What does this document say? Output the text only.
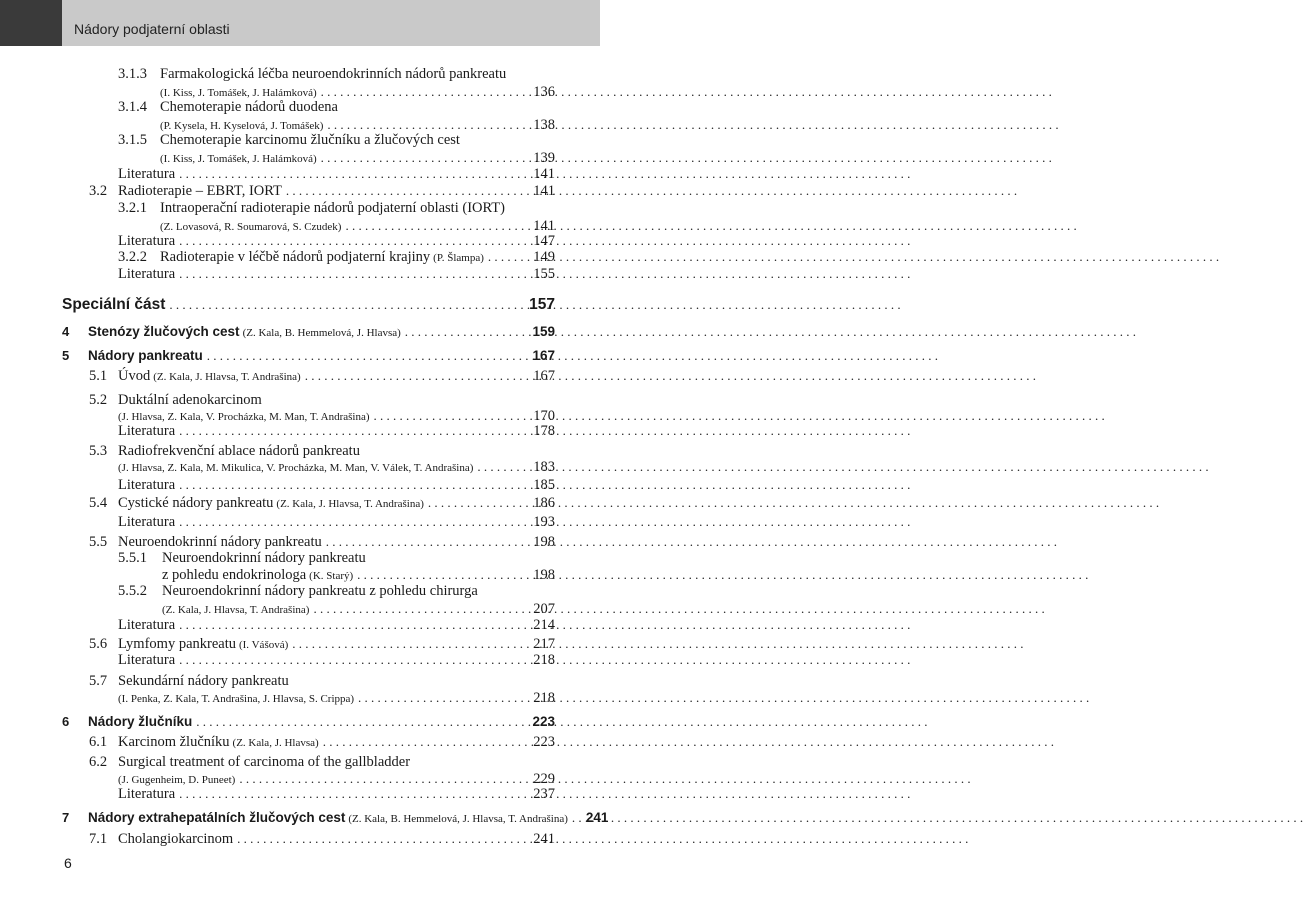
Nádory podjaterní oblasti
3.1.3 Farmakologická léčba neuroendokrinních nádorů pankreatu
(I. Kiss, J. Tomášek, J. Halámková) . . .	136
3.1.4 Chemoterapie nádorů duodena
(P. Kysela, H. Kyselová, J. Tomášek) . . .	138
3.1.5 Chemoterapie karcinomu žlučníku a žlučových cest
(I. Kiss, J. Tomášek, J. Halámková) . . .	139
Literatura . . .	141
3.2 Radioterapie – EBRT, IORT . . .	141
3.2.1 Intraoperační radioterapie nádorů podjaterní oblasti (IORT)
(Z. Lovasová, R. Soumarová, S. Czudek) . . .	141
Literatura . . .	147
3.2.2 Radioterapie v léčbě nádorů podjaterní krajiny (P. Šlampa) . . .	149
Literatura . . .	155
Speciální část . . .	157
4 Stenózy žlučových cest (Z. Kala, B. Hemmelová, J. Hlavsa) . . .	159
5 Nádory pankreatu . . .	167
5.1 Úvod (Z. Kala, J. Hlavsa, T. Andrašina) . . .	167
5.2 Duktální adenokarcinom
(J. Hlavsa, Z. Kala, V. Procházka, M. Man, T. Andrašina) . . .	170
Literatura . . .	178
5.3 Radiofrekvenční ablace nádorů pankreatu
(J. Hlavsa, Z. Kala, M. Mikulica, V. Procházka, M. Man, V. Válek, T. Andrašina) . . .	183
Literatura . . .	185
5.4 Cystické nádory pankreatu (Z. Kala, J. Hlavsa, T. Andrašina) . . .	186
Literatura . . .	193
5.5 Neuroendokrinní nádory pankreatu . . .	198
5.5.1 Neuroendokrinní nádory pankreatu
z pohledu endokrinologa (K. Starý) . . .	198
5.5.2 Neuroendokrinní nádory pankreatu z pohledu chirurga
(Z. Kala, J. Hlavsa, T. Andrašina) . . .	207
Literatura . . .	214
5.6 Lymfomy pankreatu (I. Vášová) . . .	217
Literatura . . .	218
5.7 Sekundární nádory pankreatu
(I. Penka, Z. Kala, T. Andrašina, J. Hlavsa, S. Crippa) . . .	218
6 Nádory žlučníku . . .	223
6.1 Karcinom žlučníku (Z. Kala, J. Hlavsa) . . .	223
6.2 Surgical treatment of carcinoma of the gallbladder
(J. Gugenheim, D. Puneet) . . .	229
Literatura . . .	237
7 Nádory extrahepatálních žlučových cest (Z. Kala, B. Hemmelová, J. Hlavsa, T. Andrašina) . . . 241
7.1 Cholangiokarcinom . . .	241
6
